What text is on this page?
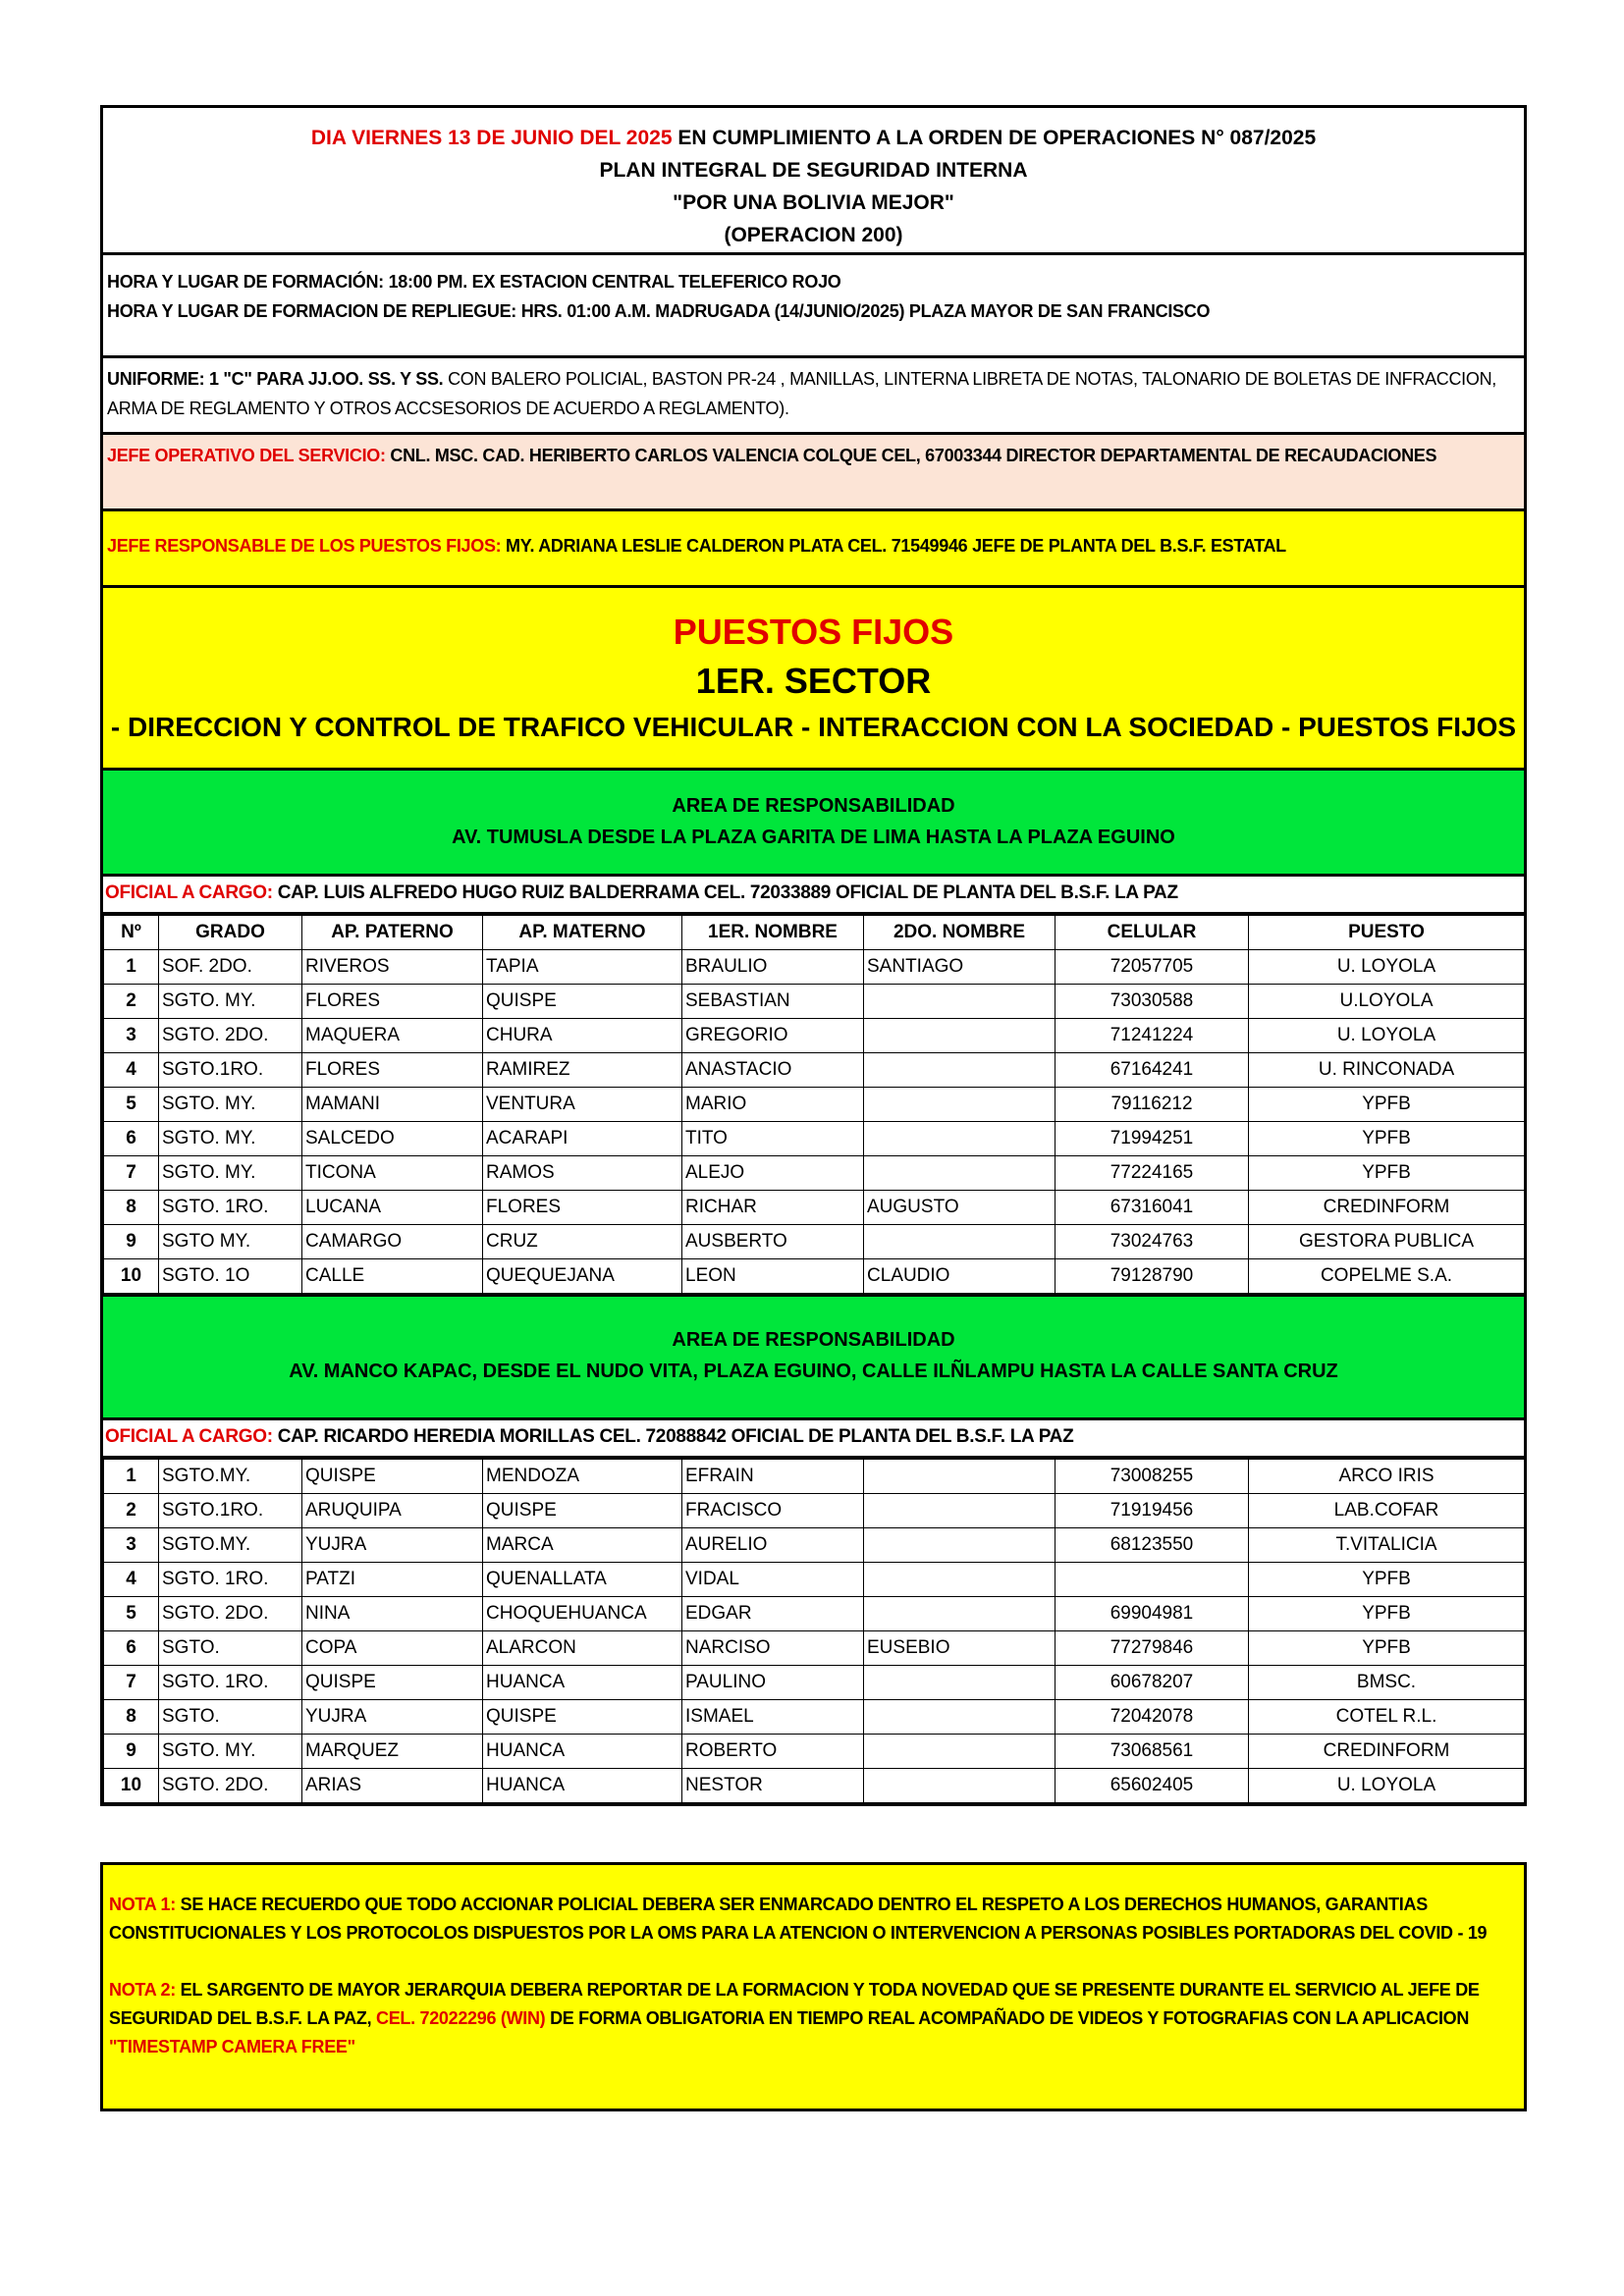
DIA VIERNES 13 DE JUNIO DEL 2025 EN CUMPLIMIENTO A LA ORDEN DE OPERACIONES N° 087/2025
PLAN INTEGRAL DE SEGURIDAD INTERNA
"POR UNA BOLIVIA MEJOR"
(OPERACION 200)
HORA Y LUGAR DE FORMACIÓN: 18:00 PM. EX ESTACION CENTRAL TELEFERICO ROJO
HORA Y LUGAR DE FORMACION DE REPLIEGUE: HRS. 01:00 A.M. MADRUGADA (14/JUNIO/2025) PLAZA MAYOR DE SAN FRANCISCO
UNIFORME: 1 "C" PARA JJ.OO. SS. Y SS. CON BALERO POLICIAL, BASTON PR-24 , MANILLAS, LINTERNA LIBRETA DE NOTAS, TALONARIO DE BOLETAS DE INFRACCION, ARMA DE REGLAMENTO Y OTROS ACCSESORIOS DE ACUERDO A REGLAMENTO).
JEFE OPERATIVO DEL SERVICIO: CNL. MSC. CAD. HERIBERTO CARLOS VALENCIA COLQUE CEL, 67003344 DIRECTOR DEPARTAMENTAL DE RECAUDACIONES
JEFE RESPONSABLE DE LOS PUESTOS FIJOS: MY. ADRIANA LESLIE CALDERON PLATA CEL. 71549946 JEFE DE PLANTA DEL B.S.F. ESTATAL
PUESTOS FIJOS
1ER. SECTOR
- DIRECCION Y CONTROL DE TRAFICO VEHICULAR - INTERACCION CON LA SOCIEDAD - PUESTOS FIJOS
AREA DE RESPONSABILIDAD
AV. TUMUSLA DESDE LA PLAZA GARITA DE LIMA HASTA LA PLAZA EGUINO
OFICIAL A CARGO: CAP. LUIS ALFREDO HUGO RUIZ BALDERRAMA CEL. 72033889 OFICIAL DE PLANTA DEL B.S.F. LA PAZ
Nº	GRADO	AP. PATERNO	AP. MATERNO	1ER. NOMBRE	2DO. NOMBRE	CELULAR	PUESTO
1	SOF. 2DO.	RIVEROS	TAPIA	BRAULIO	SANTIAGO	72057705	U. LOYOLA
2	SGTO. MY.	FLORES	QUISPE	SEBASTIAN		73030588	U.LOYOLA
3	SGTO. 2DO.	MAQUERA	CHURA	GREGORIO		71241224	U. LOYOLA
4	SGTO.1RO.	FLORES	RAMIREZ	ANASTACIO		67164241	U. RINCONADA
5	SGTO. MY.	MAMANI	VENTURA	MARIO		79116212	YPFB
6	SGTO. MY.	SALCEDO	ACARAPI	TITO		71994251	YPFB
7	SGTO. MY.	TICONA	RAMOS	ALEJO		77224165	YPFB
8	SGTO. 1RO.	LUCANA	FLORES	RICHAR	AUGUSTO	67316041	CREDINFORM
9	SGTO MY.	CAMARGO	CRUZ	AUSBERTO		73024763	GESTORA PUBLICA
10	SGTO. 1O	CALLE	QUEQUEJANA	LEON	CLAUDIO	79128790	COPELME S.A.
AREA DE RESPONSABILIDAD
AV. MANCO KAPAC, DESDE EL NUDO VITA, PLAZA EGUINO, CALLE ILÑLAMPU HASTA LA CALLE SANTA CRUZ
OFICIAL A CARGO: CAP. RICARDO HEREDIA MORILLAS CEL. 72088842 OFICIAL DE PLANTA DEL B.S.F. LA PAZ
1	SGTO.MY.	QUISPE	MENDOZA	EFRAIN		73008255	ARCO IRIS
2	SGTO.1RO.	ARUQUIPA	QUISPE	FRACISCO		71919456	LAB.COFAR
3	SGTO.MY.	YUJRA	MARCA	AURELIO		68123550	T.VITALICIA
4	SGTO. 1RO.	PATZI	QUENALLATA	VIDAL			YPFB
5	SGTO. 2DO.	NINA	CHOQUEHUANCA	EDGAR		69904981	YPFB
6	SGTO.	COPA	ALARCON	NARCISO	EUSEBIO	77279846	YPFB
7	SGTO. 1RO.	QUISPE	HUANCA	PAULINO		60678207	BMSC.
8	SGTO.	YUJRA	QUISPE	ISMAEL		72042078	COTEL R.L.
9	SGTO. MY.	MARQUEZ	HUANCA	ROBERTO		73068561	CREDINFORM
10	SGTO. 2DO.	ARIAS	HUANCA	NESTOR		65602405	U. LOYOLA
NOTA 1: SE HACE RECUERDO QUE TODO ACCIONAR POLICIAL DEBERA SER ENMARCADO DENTRO EL RESPETO A LOS DERECHOS HUMANOS, GARANTIAS CONSTITUCIONALES Y LOS PROTOCOLOS DISPUESTOS POR LA OMS PARA LA ATENCION O INTERVENCION A PERSONAS POSIBLES PORTADORAS DEL COVID - 19
NOTA 2: EL SARGENTO DE MAYOR JERARQUIA DEBERA REPORTAR DE LA FORMACION Y TODA NOVEDAD QUE SE PRESENTE DURANTE EL SERVICIO AL JEFE DE SEGURIDAD DEL B.S.F. LA PAZ, CEL. 72022296 (WIN) DE FORMA OBLIGATORIA EN TIEMPO REAL ACOMPAÑADO DE VIDEOS Y FOTOGRAFIAS CON LA APLICACION "TIMESTAMP CAMERA FREE"
